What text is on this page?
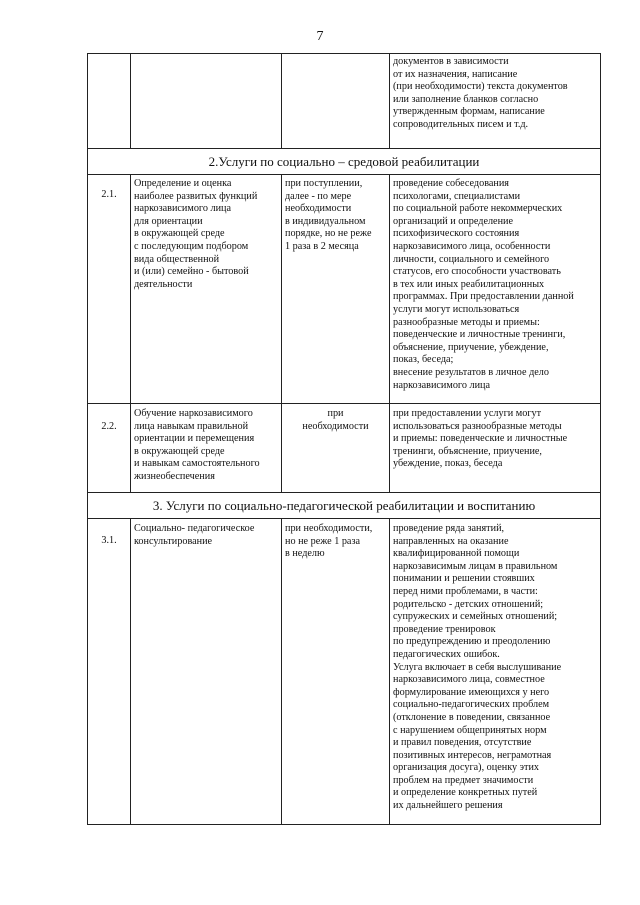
7
документов в зависимости
от их назначения, написание
(при необходимости) текста документов
или заполнение бланков согласно
утвержденным формам, написание
сопроводительных писем и т.д.
2.Услуги по социально – средовой реабилитации
2.1.
Определение и оценка
наиболее развитых функций
наркозависимого лица
для ориентации
в окружающей среде
с последующим подбором
вида общественной
и (или) семейно - бытовой
деятельности
при поступлении,
далее - по мере
необходимости
в индивидуальном
порядке, но не реже
1 раза в 2 месяца
проведение собеседования
психологами, специалистами
по социальной работе некоммерческих
организаций и определение
психофизического состояния
наркозависимого лица, особенности
личности, социального и семейного
статусов, его способности участвовать
в тех или иных реабилитационных
программах. При предоставлении данной
услуги могут использоваться
разнообразные методы и приемы:
поведенческие и личностные тренинги,
объяснение, приучение, убеждение,
показ, беседа;
внесение результатов в личное дело
наркозависимого лица
2.2.
Обучение наркозависимого
лица навыкам правильной
ориентации и перемещения
в окружающей среде
и навыкам самостоятельного
жизнеобеспечения
при
необходимости
при предоставлении услуги могут
использоваться разнообразные методы
и приемы: поведенческие и личностные
тренинги, объяснение, приучение,
убеждение, показ, беседа
3. Услуги по социально-педагогической реабилитации и воспитанию
3.1.
Социально- педагогическое
консультирование
при необходимости,
но не реже 1 раза
в неделю
проведение ряда занятий,
направленных на оказание
квалифицированной помощи
наркозависимым лицам в правильном
понимании и решении стоявших
перед ними проблемами, в части:
родительско - детских отношений;
супружеских и семейных отношений;
проведение тренировок
по предупреждению и преодолению
педагогических ошибок.
Услуга включает в себя выслушивание
наркозависимого лица, совместное
формулирование имеющихся у него
социально-педагогических проблем
(отклонение в поведении, связанное
с нарушением общепринятых норм
и правил поведения, отсутствие
позитивных интересов, неграмотная
организация досуга), оценку этих
проблем на предмет значимости
и определение конкретных путей
их дальнейшего решения
